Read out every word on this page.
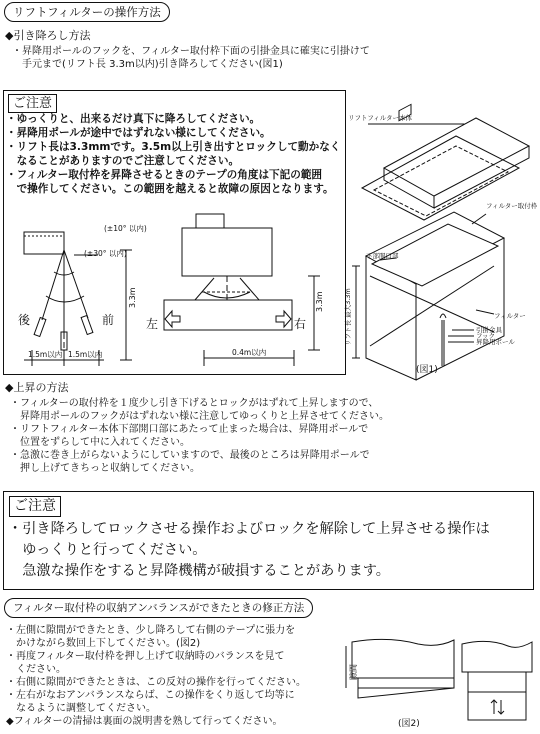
リフトフィルターの操作方法
◆引き降ろし方法
・昇降用ポールのフックを、フィルター取付枠下面の引掛金具に確実に引掛けて
　手元まで(リフト長 3.3m以内)引き降ろしてください(図1)
ご注意
・ゆっくりと、出来るだけ真下に降ろしてください。
・昇降用ポールが途中ではずれない様にしてください。
・リフト長は3.3mmです。3.5m以上引き出すとロックして動かなく
　なることがありますのでご注意してください。
・フィルター取付枠を昇降させるときのテープの角度は下記の範囲
　で操作してください。この範囲を越えると故障の原因となります。
(±10° 以内)
(±30° 以内)
3.3m
1.5m以内 1.5m以内
3.3m
0.4m以内
後	前	左	右
リフトフィルター本体
フィルター取付枠
下部開口部
フィルター
引掛金具
フック
昇降用ポール
リフト長 最大3.3m
(図1)
◆上昇の方法
・フィルターの取付枠を１度少し引き下げるとロックがはずれて上昇しますので、
　昇降用ポールのフックがはずれない様に注意してゆっくりと上昇させてください。
・リフトフィルター本体下部開口部にあたって止まった場合は、昇降用ポールで
　位置をずらして中に入れてください。
・急激に巻き上がらないようにしていますので、最後のところは昇降用ポールで
　押し上げてきちっと収納してください。
ご注意
・引き降ろしてロックさせる操作およびロックを解除して上昇させる操作は
　ゆっくりと行ってください。
　急激な操作をすると昇降機構が破損することがあります。
フィルター取付枠の収納アンバランスができたときの修正方法
・左側に隙間ができたとき、少し降ろして右側のテープに張力を
　かけながら数回上下してください。(図2)
・再度フィルター取付枠を押し上げて収納時のバランスを見て
　ください。
・右側に隙間ができたときは、この反対の操作を行ってください。
・左右がなおアンバランスならば、この操作をくり返して均等に
　なるように調整してください。
◆フィルターの清掃は裏面の説明書を熟して行ってください。
隙間
(図2)
